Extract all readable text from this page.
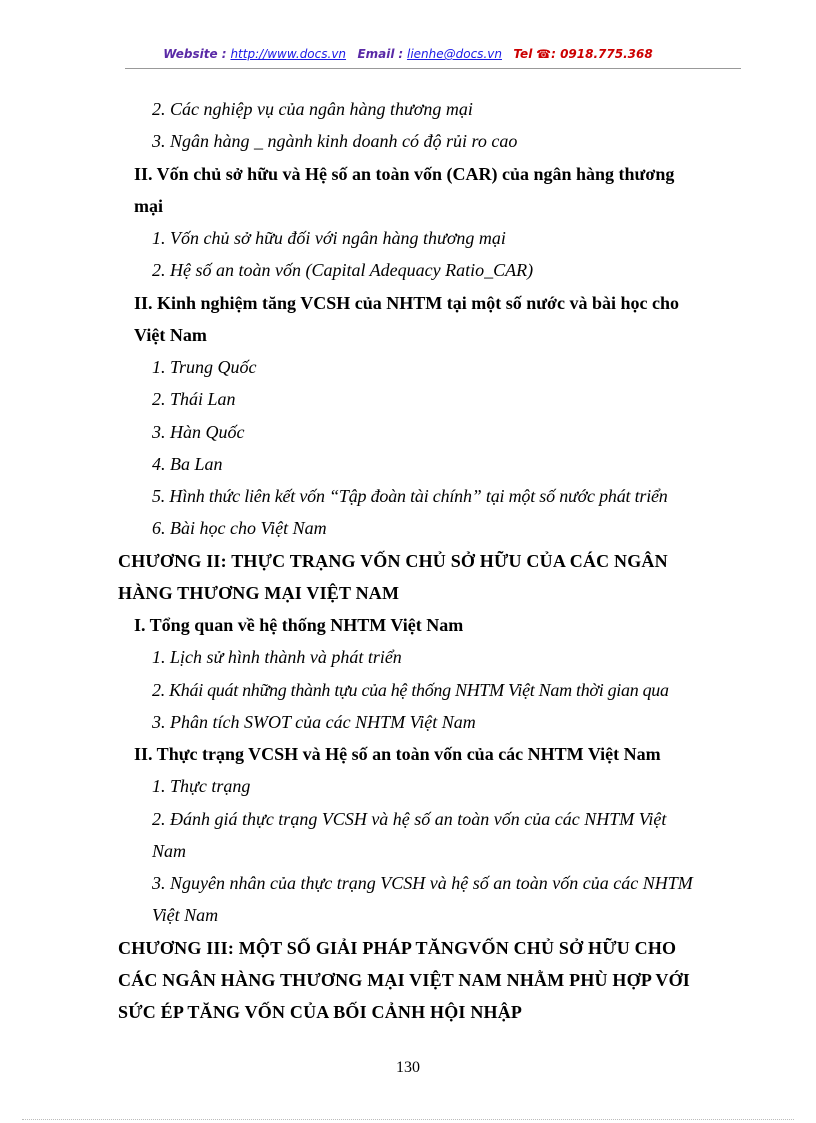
Website : http://www.docs.vn Email : lienhe@docs.vn Tel ☎: 0918.775.368
2. Các nghiệp vụ của ngân hàng thương mại
3. Ngân hàng _ ngành kinh doanh có độ rủi ro cao
II. Vốn chủ sở hữu và Hệ số an toàn vốn (CAR) của ngân hàng thương
mại
1. Vốn chủ sở hữu đối với ngân hàng thương mại
2. Hệ số an toàn vốn (Capital Adequacy Ratio_CAR)
II. Kinh nghiệm tăng VCSH của NHTM tại một số nước và bài học cho
Việt Nam
1. Trung Quốc
2. Thái Lan
3. Hàn Quốc
4. Ba Lan
5. Hình thức liên kết vốn “Tập đoàn tài chính” tại một số nước phát triển
6. Bài học cho Việt Nam
CHƯƠNG II: THỰC TRẠNG VỐN CHỦ SỞ HỮU CỦA CÁC NGÂN
HÀNG THƯƠNG MẠI VIỆT NAM
I. Tổng quan về hệ thống NHTM Việt Nam
1. Lịch sử hình thành và phát triển
2. Khái quát những thành tựu của hệ thống NHTM Việt Nam thời gian qua
3. Phân tích SWOT của các NHTM Việt Nam
II. Thực trạng VCSH và Hệ số an toàn vốn của các NHTM Việt Nam
1. Thực trạng
2. Đánh giá thực trạng VCSH và hệ số an toàn vốn của các NHTM Việt
Nam
3. Nguyên nhân của thực trạng VCSH và hệ số an toàn vốn của các NHTM
Việt Nam
CHƯƠNG III: MỘT SỐ GIẢI PHÁP TĂNGVỐN CHỦ SỞ HỮU CHO
CÁC NGÂN HÀNG THƯƠNG MẠI VIỆT NAM NHẰM PHÙ HỢP VỚI
SỨC ÉP TĂNG VỐN CỦA BỐI CẢNH HỘI NHẬP
130
